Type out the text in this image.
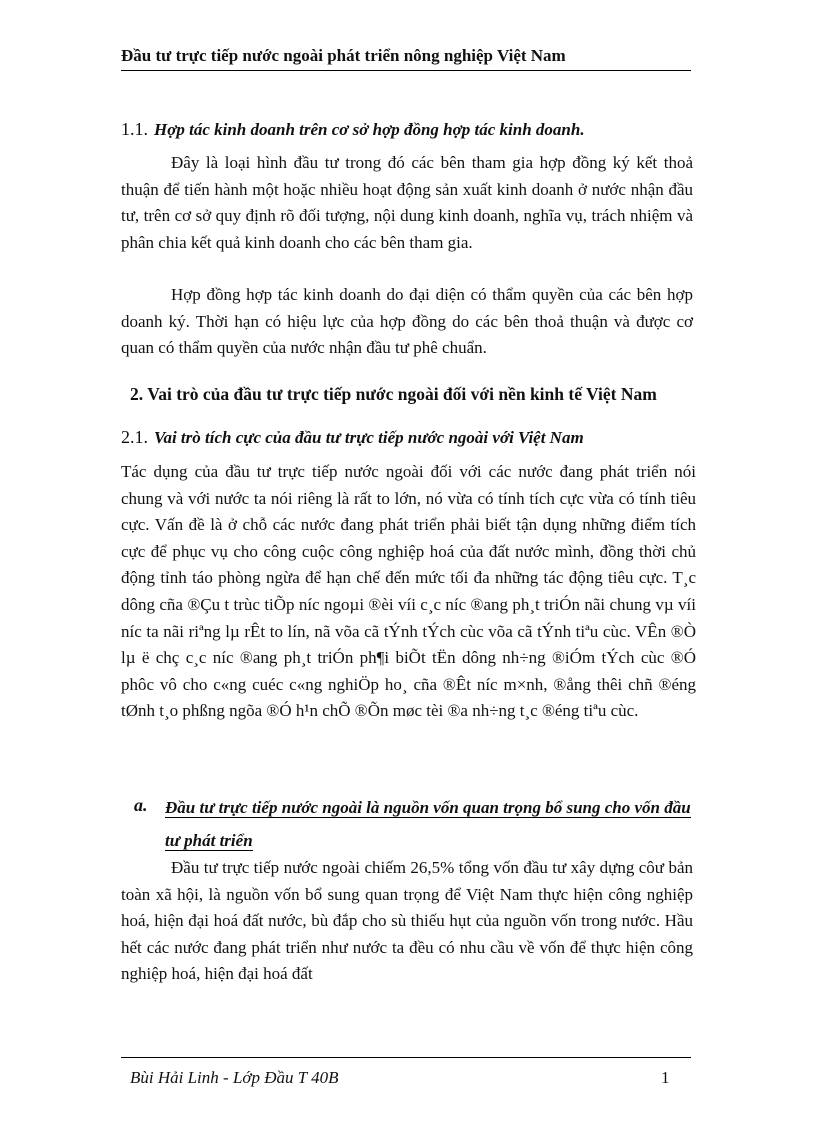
Đầu tư trực tiếp nước ngoài phát triển nông nghiệp Việt Nam
1.1. Hợp tác kinh doanh trên cơ sở hợp đồng hợp tác kinh doanh.
Đây là loại hình đầu tư trong đó các bên tham gia hợp đồng ký kết thoả thuận để tiến hành một hoặc nhiều hoạt động sản xuất kinh doanh ở nước nhận đầu tư, trên cơ sở quy định rõ đối tượng, nội dung kinh doanh, nghĩa vụ, trách nhiệm và phân chia kết quả kinh doanh cho các bên tham gia.
Hợp đồng hợp tác kinh doanh do đại diện có thẩm quyền của các bên hợp doanh ký. Thời hạn có hiệu lực của hợp đồng do các bên thoả thuận và được cơ quan có thẩm quyền của nước nhận đầu tư phê chuẩn.
2. Vai trò của đầu tư trực tiếp nước ngoài đối với nền kinh tế Việt Nam
2.1. Vai trò tích cực của đầu tư trực tiếp nước ngoài với Việt Nam
Tác dụng của đầu tư trực tiếp nước ngoài đối với các nước đang phát triển nói chung và với nước ta nói riêng là rất to lớn, nó vừa có tính tích cực vừa có tính tiêu cực. Vấn đề là ở chỗ các nước đang phát triển phải biết tận dụng những điểm tích cực để phục vụ cho công cuộc công nghiệp hoá của đất nước mình, đồng thời chủ động tỉnh táo phòng ngừa để hạn chế đến mức tối đa những tác động tiêu cực. T¸c dông cña ®Çu t trùc tiÕp níc ngoµi ®èi víi c¸c níc ®ang ph¸t triÓn nãi chung vµ víi níc ta nãi riªng lµ rÊt to lín, nã võa cã tÝnh tÝch cùc võa cã tÝnh tiªu cùc. VÊn ®Ò lµ ë chç c¸c níc ®ang ph¸t triÓn ph¶i biÕt tËn dông nh÷ng ®iÓm tÝch cùc ®Ó phôc vô cho c«ng cuéc c«ng nghiÖp ho¸ cña ®Êt níc m×nh, ®ång thêi chñ ®éng tØnh t¸o phßng ngõa ®Ó h¹n chÕ ®Õn møc tèi ®a nh÷ng t¸c ®éng tiªu cùc.
a. Đầu tư trực tiếp nước ngoài là nguồn vốn quan trọng bổ sung cho vốn đầu tư phát triển
Đầu tư trực tiếp nước ngoài chiếm 26,5% tổng vốn đầu tư xây dựng côư bản toàn xã hội, là nguồn vốn bổ sung quan trọng để Việt Nam thực hiện công nghiệp hoá, hiện đại hoá đất nước, bù đắp cho sù thiếu hụt của nguồn vốn trong nước. Hầu hết các nước đang phát triển như nước ta đều có nhu cầu về vốn để thực hiện công nghiệp hoá, hiện đại hoá đất
Bùi Hải Linh - Lớp Đầu T 40B	1
